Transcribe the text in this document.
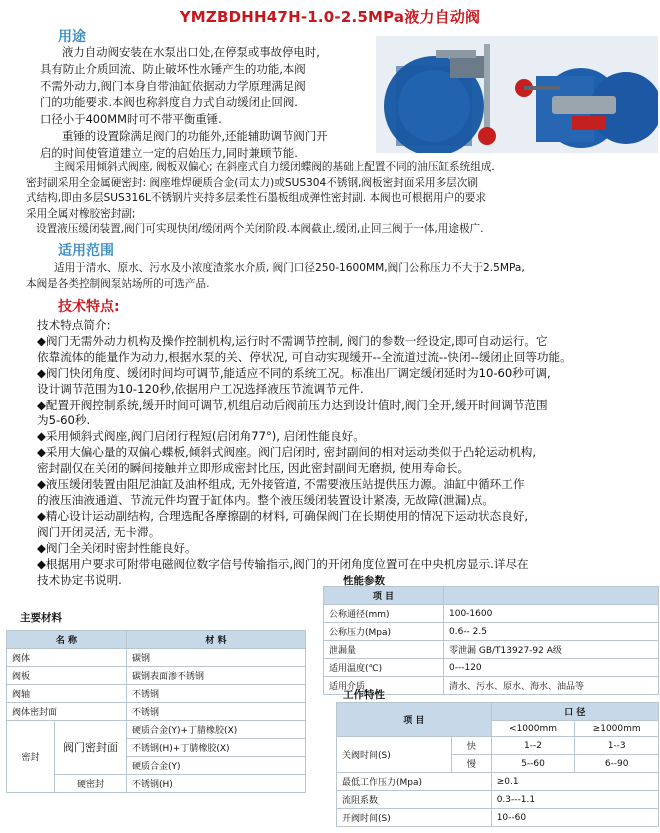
YMZBDHH47H-1.0-2.5MPa液力自动阀
用途

液力自动阀安装在水泵出口处,在停泵或事故停电时,

具有防止介质回流、防止破坏性水锤产生的功能,本阀

不需外动力,阀门本身自带油缸依据动力学原理满足阀

门的功能要求.本阀也称斜度自力式自动缓闭止回阀.

口径小于400MM时可不带平衡重锤.

重锤的设置除满足阀门的功能外,还能辅助调节阀门开

启的时间使管道建立一定的启始压力,同时兼顾节能.

主阀采用倾斜式阀座, 阀板双偏心; 在斜座式自力缓闭蝶阀的基础上配置不同的油压缸系统组成.

密封副采用全金属硬密封: 阀座堆焊硬质合金(司太力)或SUS304不锈钢,阀板密封面采用多层次刷

式结构,即由多层SUS316L不锈钢片夹持多层柔性石墨板组成弹性密封副. 本阀也可根据用户的要求

采用全属对橡胶密封副;

设置液压缓闭装置,阀门可实现快闭/缓闭两个关闭阶段.本阀截止,缓闭,止回三阀于一体,用途极广.

适用范围

适用于清水、原水、污水及小浓度渣浆水介质, 阀门口径250-1600MM,阀门公称压力不大于2.5MPa,

本阀是各类控制阀泵站场所的可选产品.

技术特点:

技术特点简介:

◆阀门无需外动力机构及操作控制机构,运行时不需调节控制, 阀门的参数一经设定,即可自动运行。它

依靠流体的能量作为动力,根据水泵的关、停状况, 可自动实现缓开--全流道过流--快闭--缓闭止回等功能。

◆阀门快闭角度、缓闭时间均可调节,能适应不同的系统工况。标准出厂调定缓闭延时为10-60秒可调,

设计调节范围为10-120秒,依据用户工况选择液压节流调节元件.

◆配置开阀控制系统,缓开时间可调节,机组启动后阀前压力达到设计值时,阀门全开,缓开时间调节范围

为5-60秒.

◆采用倾斜式阀座,阀门启闭行程短(启闭角77°), 启闭性能良好。

◆采用大偏心量的双偏心蝶板,倾斜式阀座。阀门启闭时, 密封副间的相对运动类似于凸轮运动机构,

密封副仅在关闭的瞬间接触并立即形成密封比压, 因此密封副间无磨损, 使用寿命长。

◆液压缓闭装置由阻尼油缸及油杯组成, 无外接管道, 不需要液压站提供压力源。油缸中循环工作

的液压油液通道、节流元件均置于缸体内。整个液压缓闭装置设计紧凑, 无故障(泄漏)点。

◆精心设计运动副结构, 合理选配各摩擦副的材料, 可确保阀门在长期使用的情况下运动状态良好,

阀门开闭灵活, 无卡滞。

◆阀门全关闭时密封性能良好。

◆根据用户要求可附带电磁阀位数字信号传输指示,阀门的开闭角度位置可在中央机房显示.详尽在

技术协定书说明.	性能参数
项 目	
公称通径(mm)	100-1600
公称压力(Mpa)	0.6-- 2.5
泄漏量	零泄漏 GB/T13927-92 A级
适用温度(℃)	0---120
适用介质	清水、污水、原水、海水、油品等
主要材料
名 称		材 料
阀体		碳钢
阀板		碳钢表面渗不锈钢
阀轴		不锈钢
阀体密封面		不锈钢
密封	阀门密封面	硬质合金(Y)+丁腈橡胶(X)
		不锈钢(H)+丁腈橡胶(X)
		硬质合金(Y)
	硬密封	不锈钢(H)
工作特性
项 目		口 径	
		<1000mm	≥1000mm
关阀时间(S)	快	1--2	1--3
	慢	5--60	6--90
最低工作压力(Mpa)		≥0.1	
流阻系数		0.3---1.1	
开阀时间(S)		10--60	
